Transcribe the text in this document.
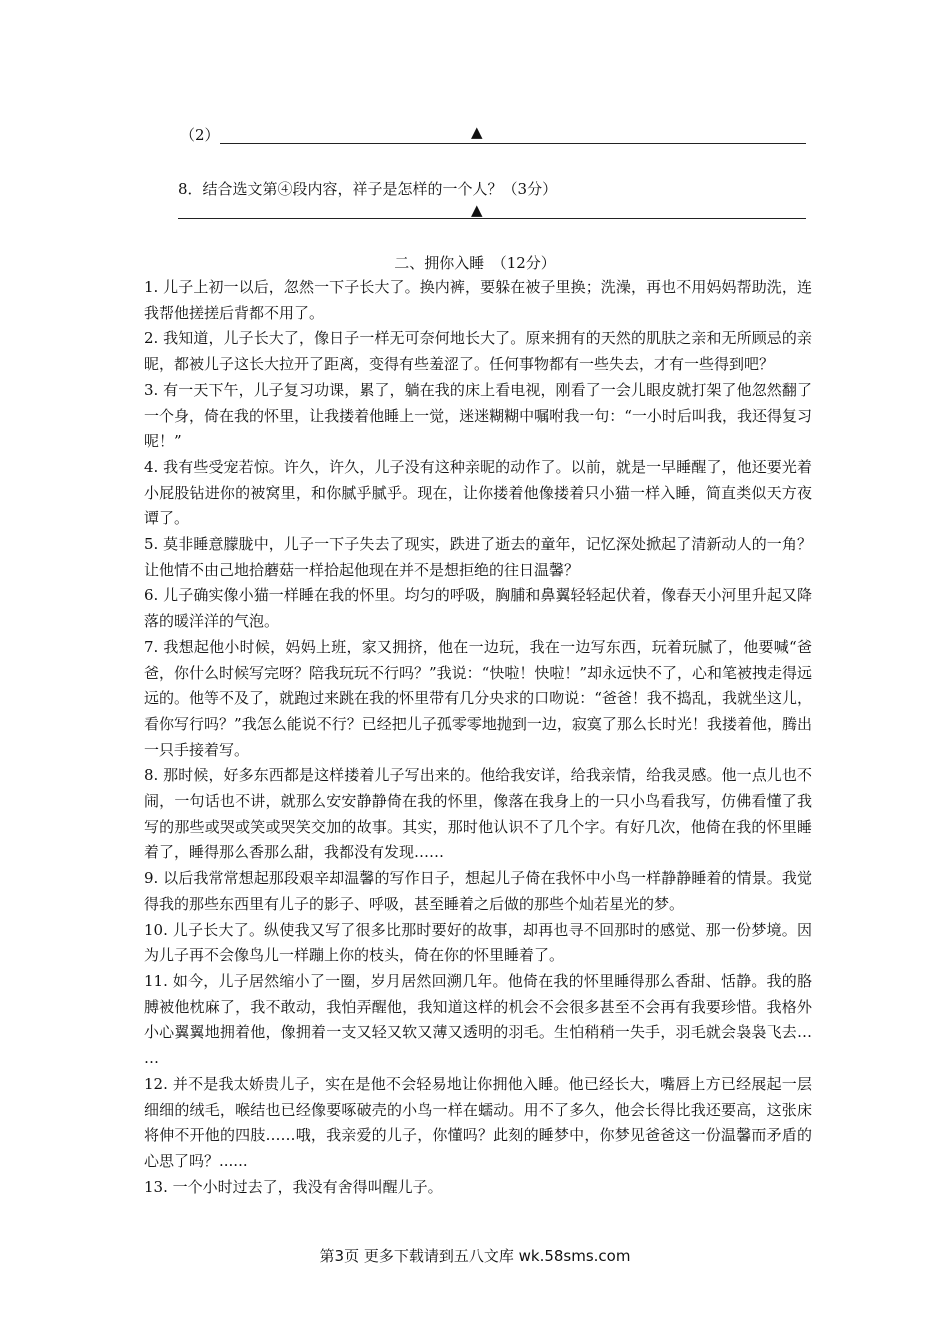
（2）	▲
8．结合选文第④段内容，祥子是怎样的一个人？（3分）
▲
二、拥你入睡　（12分）

1. 儿子上初一以后，忽然一下子长大了。换内裤，要躲在被子里换；洗澡，再也不用妈妈帮助洗，连我帮他搓搓后背都不用了。

2. 我知道，儿子长大了，像日子一样无可奈何地长大了。原来拥有的天然的肌肤之亲和无所顾忌的亲昵，都被儿子这长大拉开了距离，变得有些羞涩了。任何事物都有一些失去，才有一些得到吧？

3. 有一天下午，儿子复习功课，累了，躺在我的床上看电视，刚看了一会儿眼皮就打架了他忽然翻了一个身，倚在我的怀里，让我搂着他睡上一觉，迷迷糊糊中嘱咐我一句：“一小时后叫我，我还得复习呢！”

4. 我有些受宠若惊。许久，许久，儿子没有这种亲昵的动作了。以前，就是一早睡醒了，他还要光着小屁股钻进你的被窝里，和你腻乎腻乎。现在，让你搂着他像搂着只小猫一样入睡，简直类似天方夜谭了。

5. 莫非睡意朦胧中，儿子一下子失去了现实，跌进了逝去的童年，记忆深处掀起了清新动人的一角？让他情不由己地拾蘑菇一样拾起他现在并不是想拒绝的往日温馨？

6. 儿子确实像小猫一样睡在我的怀里。均匀的呼吸，胸脯和鼻翼轻轻起伏着，像春天小河里升起又降落的暖洋洋的气泡。

7. 我想起他小时候，妈妈上班，家又拥挤，他在一边玩，我在一边写东西，玩着玩腻了，他要喊“爸爸，你什么时候写完呀？陪我玩玩不行吗？”我说：“快啦！快啦！”却永远快不了，心和笔被拽走得远远的。他等不及了，就跑过来跳在我的怀里带有几分央求的口吻说：“爸爸！我不捣乱，我就坐这儿，看你写行吗？”我怎么能说不行？已经把儿子孤零零地抛到一边，寂寞了那么长时光！我搂着他，腾出一只手接着写。

8. 那时候，好多东西都是这样搂着儿子写出来的。他给我安详，给我亲情，给我灵感。他一点儿也不闹，一句话也不讲，就那么安安静静倚在我的怀里，像落在我身上的一只小鸟看我写，仿佛看懂了我写的那些或哭或笑或哭笑交加的故事。其实，那时他认识不了几个字。有好几次，他倚在我的怀里睡着了，睡得那么香那么甜，我都没有发现……

9. 以后我常常想起那段艰辛却温馨的写作日子，想起儿子倚在我怀中小鸟一样静静睡着的情景。我觉得我的那些东西里有儿子的影子、呼吸，甚至睡着之后做的那些个灿若星光的梦。

10. 儿子长大了。纵使我又写了很多比那时要好的故事，却再也寻不回那时的感觉、那一份梦境。因为儿子再不会像鸟儿一样蹦上你的枝头，倚在你的怀里睡着了。

11. 如今，儿子居然缩小了一圈，岁月居然回溯几年。他倚在我的怀里睡得那么香甜、恬静。我的胳膊被他枕麻了，我不敢动，我怕弄醒他，我知道这样的机会不会很多甚至不会再有我要珍惜。我格外小心翼翼地拥着他，像拥着一支又轻又软又薄又透明的羽毛。生怕稍稍一失手，羽毛就会袅袅飞去… …

12. 并不是我太娇贵儿子，实在是他不会轻易地让你拥他入睡。他已经长大，嘴唇上方已经展起一层细细的绒毛，喉结也已经像要啄破壳的小鸟一样在蠕动。用不了多久，他会长得比我还要高，这张床将伸不开他的四肢……哦，我亲爱的儿子，你懂吗？此刻的睡梦中，你梦见爸爸这一份温馨而矛盾的心思了吗？......

13. 一个小时过去了，我没有舍得叫醒儿子。

第3页 更多下载请到五八文库 wk.58sms.com
